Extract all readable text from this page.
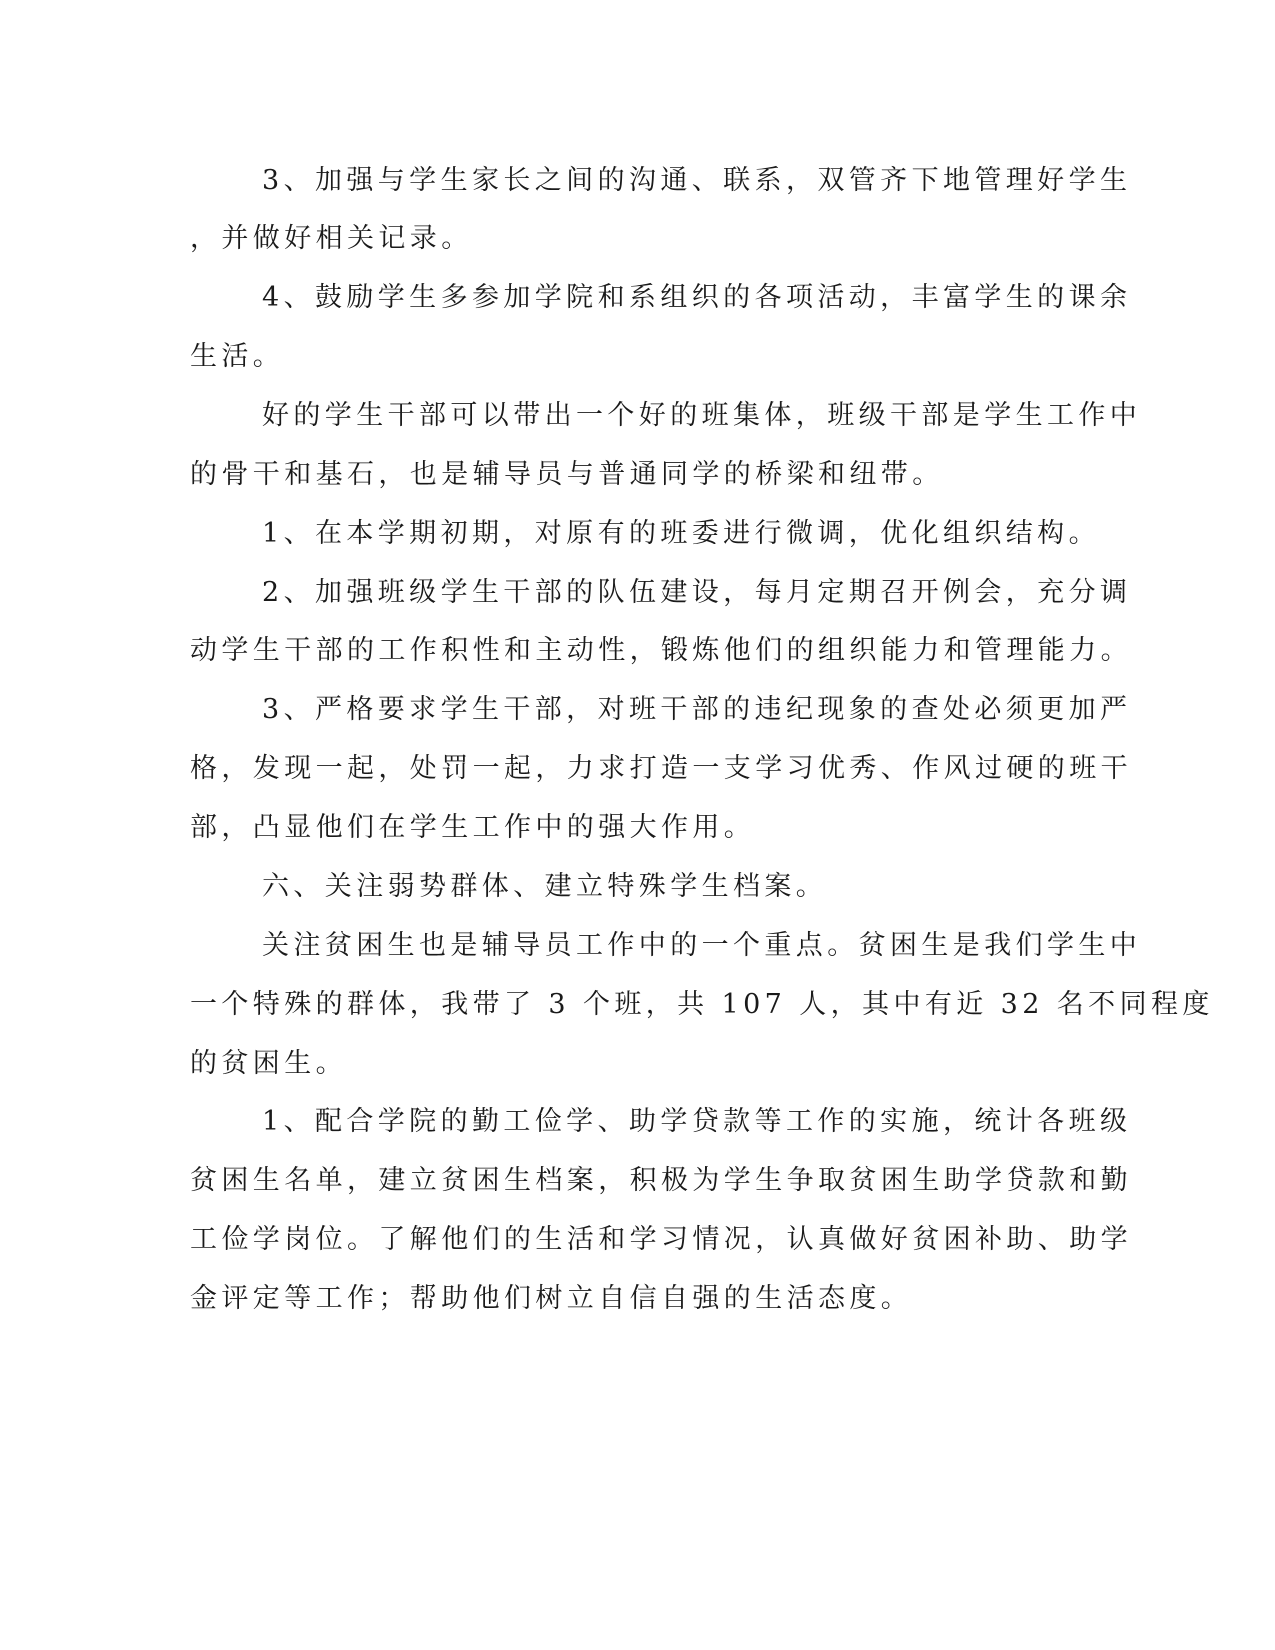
3、加强与学生家长之间的沟通、联系，双管齐下地管理好学生
，并做好相关记录。
4、鼓励学生多参加学院和系组织的各项活动，丰富学生的课余
生活。
好的学生干部可以带出一个好的班集体，班级干部是学生工作中
的骨干和基石，也是辅导员与普通同学的桥梁和纽带。
1、在本学期初期，对原有的班委进行微调，优化组织结构。
2、加强班级学生干部的队伍建设，每月定期召开例会，充分调
动学生干部的工作积性和主动性，锻炼他们的组织能力和管理能力。
3、严格要求学生干部，对班干部的违纪现象的查处必须更加严
格，发现一起，处罚一起，力求打造一支学习优秀、作风过硬的班干
部，凸显他们在学生工作中的强大作用。
六、关注弱势群体、建立特殊学生档案。
关注贫困生也是辅导员工作中的一个重点。贫困生是我们学生中
一个特殊的群体，我带了 3 个班，共 107 人，其中有近 32 名不同程度
的贫困生。
1、配合学院的勤工俭学、助学贷款等工作的实施，统计各班级
贫困生名单，建立贫困生档案，积极为学生争取贫困生助学贷款和勤
工俭学岗位。了解他们的生活和学习情况，认真做好贫困补助、助学
金评定等工作；帮助他们树立自信自强的生活态度。
